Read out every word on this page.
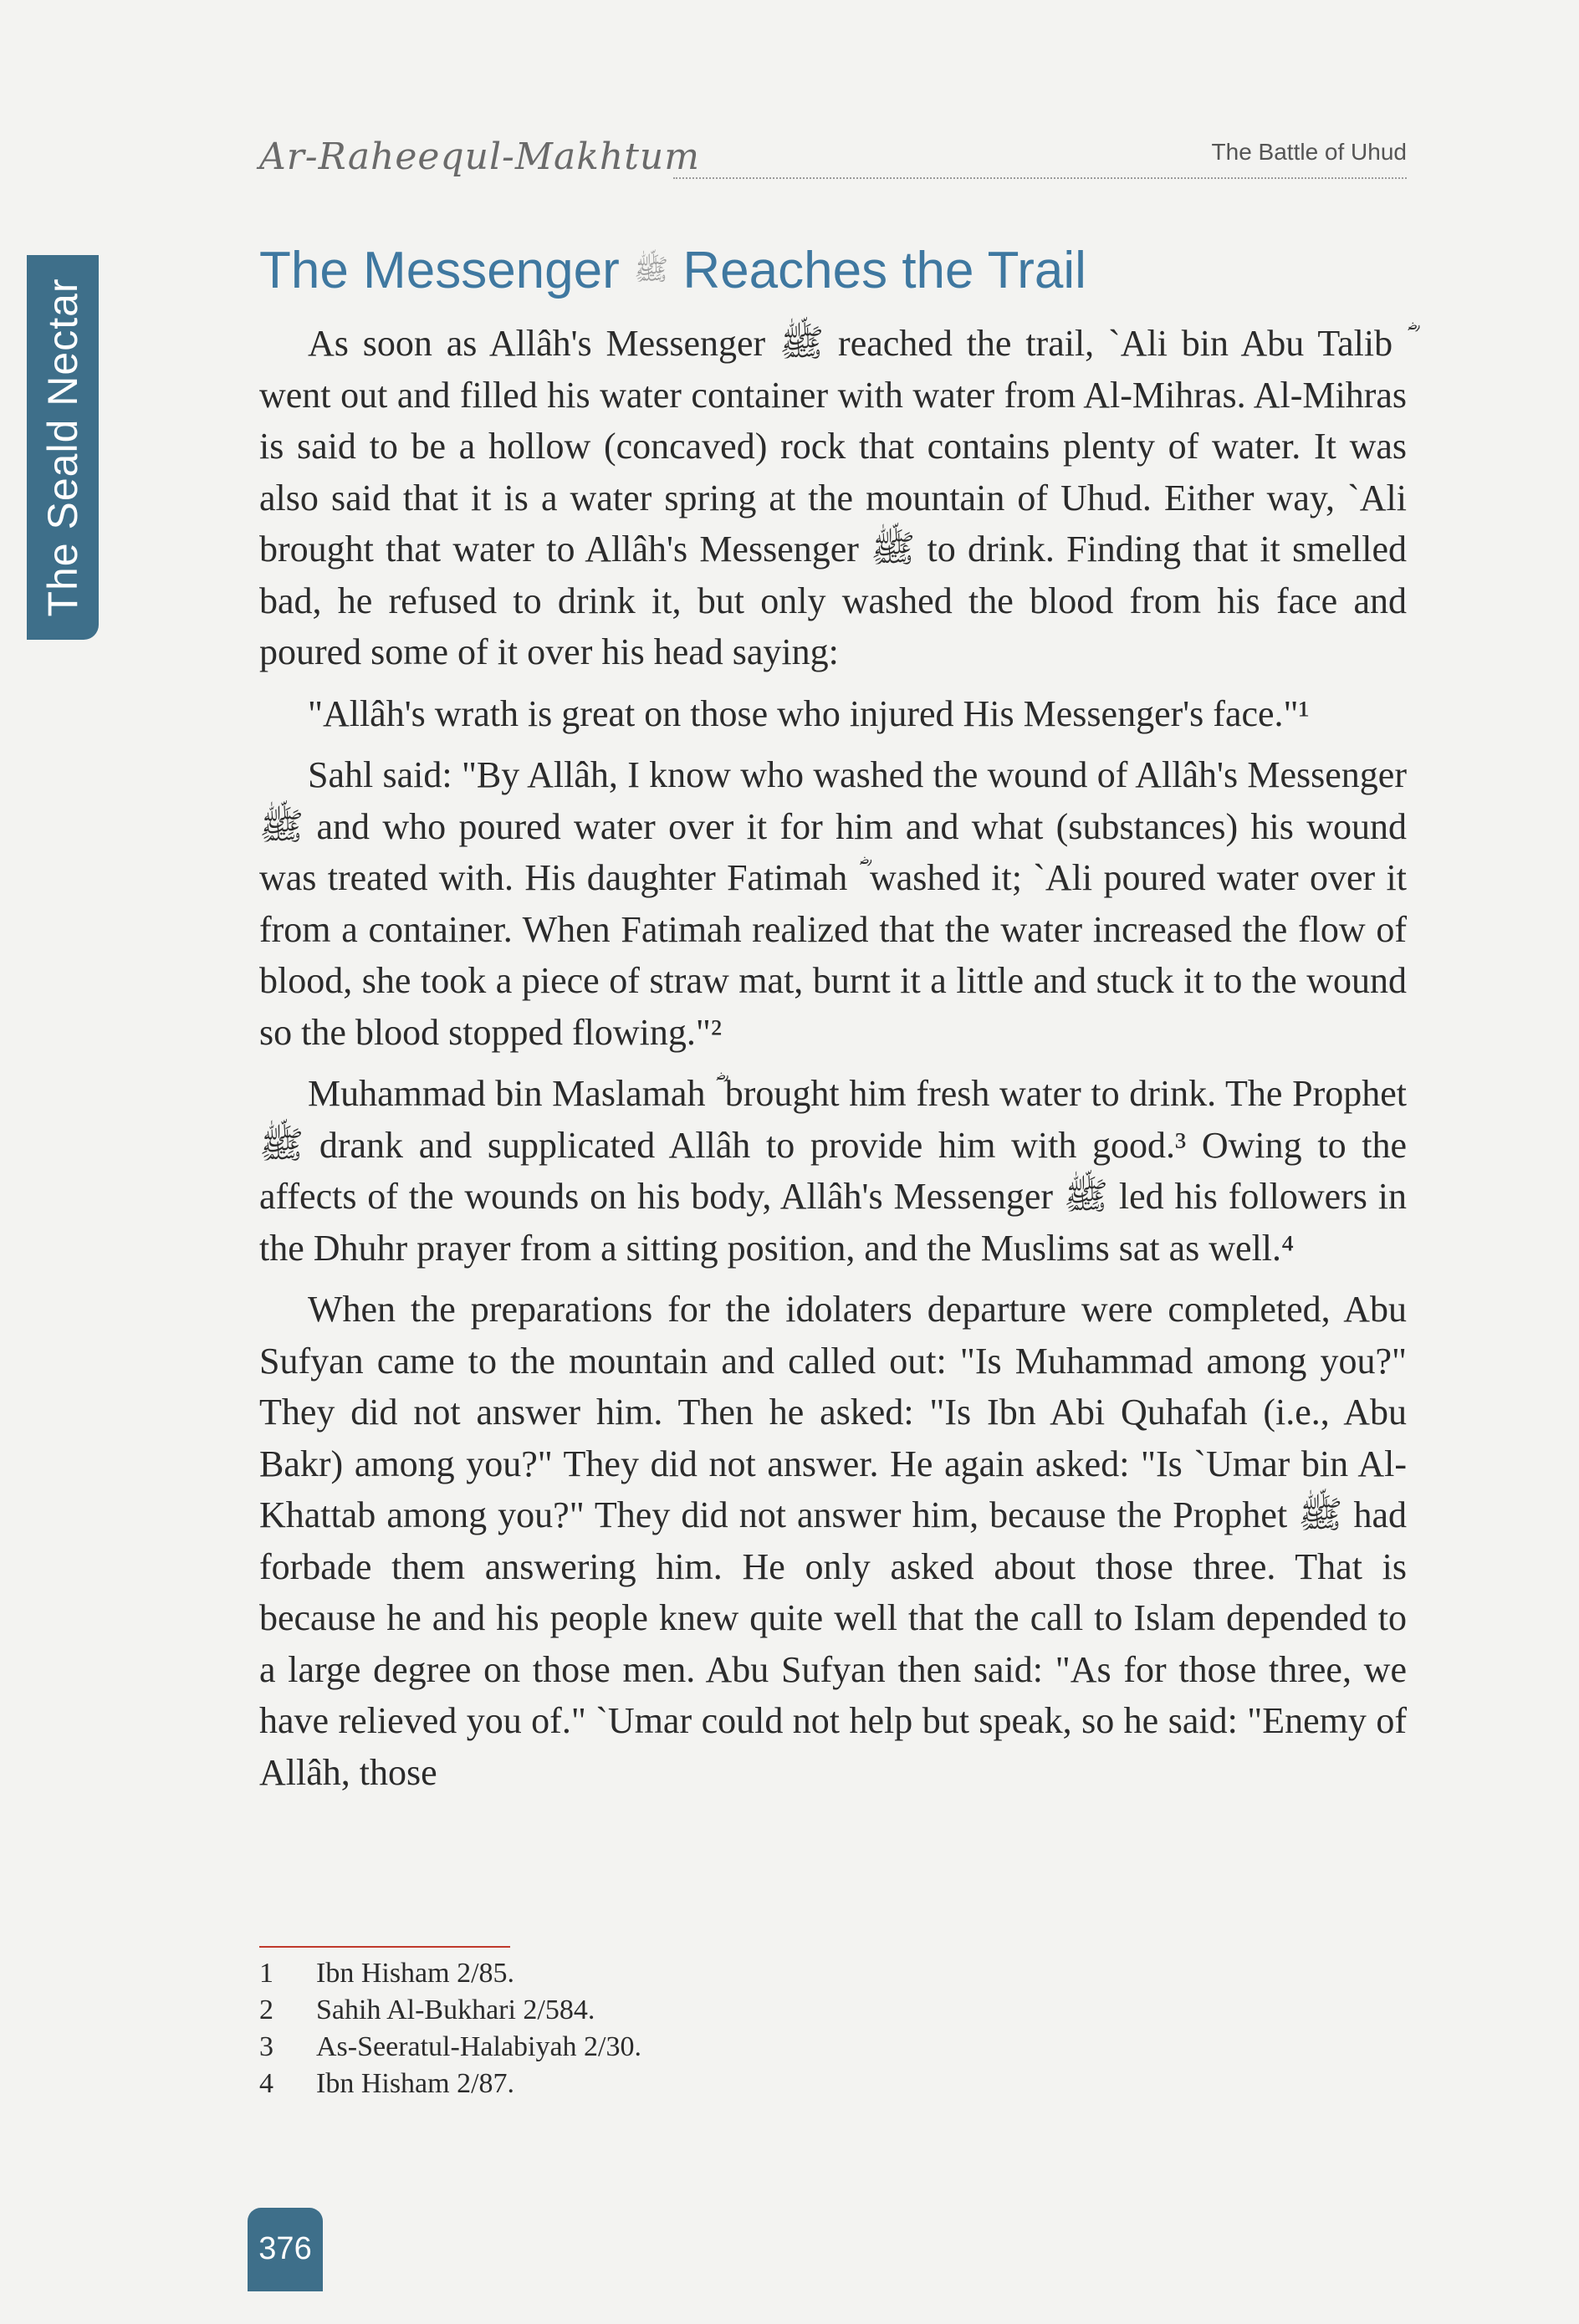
Ar-Raheequl-Makhtum	The Battle of Uhud
The Seald Nectar
The Messenger ﷺ Reaches the Trail

As soon as Allâh's Messenger ﷺ reached the trail, `Ali bin Abu Talib ؓ went out and filled his water container with water from Al-Mihras. Al-Mihras is said to be a hollow (concaved) rock that contains plenty of water. It was also said that it is a water spring at the mountain of Uhud. Either way, `Ali brought that water to Allâh's Messenger ﷺ to drink. Finding that it smelled bad, he refused to drink it, but only washed the blood from his face and poured some of it over his head saying:

"Allâh's wrath is great on those who injured His Messenger's face."¹

Sahl said: "By Allâh, I know who washed the wound of Allâh's Messenger ﷺ and who poured water over it for him and what (substances) his wound was treated with. His daughter Fatimah ؓ washed it; `Ali poured water over it from a container. When Fatimah realized that the water increased the flow of blood, she took a piece of straw mat, burnt it a little and stuck it to the wound so the blood stopped flowing."²

Muhammad bin Maslamah ؓ brought him fresh water to drink. The Prophet ﷺ drank and supplicated Allâh to provide him with good.³ Owing to the affects of the wounds on his body, Allâh's Messenger ﷺ led his followers in the Dhuhr prayer from a sitting position, and the Muslims sat as well.⁴

When the preparations for the idolaters departure were completed, Abu Sufyan came to the mountain and called out: "Is Muhammad among you?" They did not answer him. Then he asked: "Is Ibn Abi Quhafah (i.e., Abu Bakr) among you?" They did not answer. He again asked: "Is `Umar bin Al-Khattab among you?" They did not answer him, because the Prophet ﷺ had forbade them answering him. He only asked about those three. That is because he and his people knew quite well that the call to Islam depended to a large degree on those men. Abu Sufyan then said: "As for those three, we have relieved you of." `Umar could not help but speak, so he said: "Enemy of Allâh, those

1 Ibn Hisham 2/85.
2 Sahih Al-Bukhari 2/584.
3 As-Seeratul-Halabiyah 2/30.
4 Ibn Hisham 2/87.
376
